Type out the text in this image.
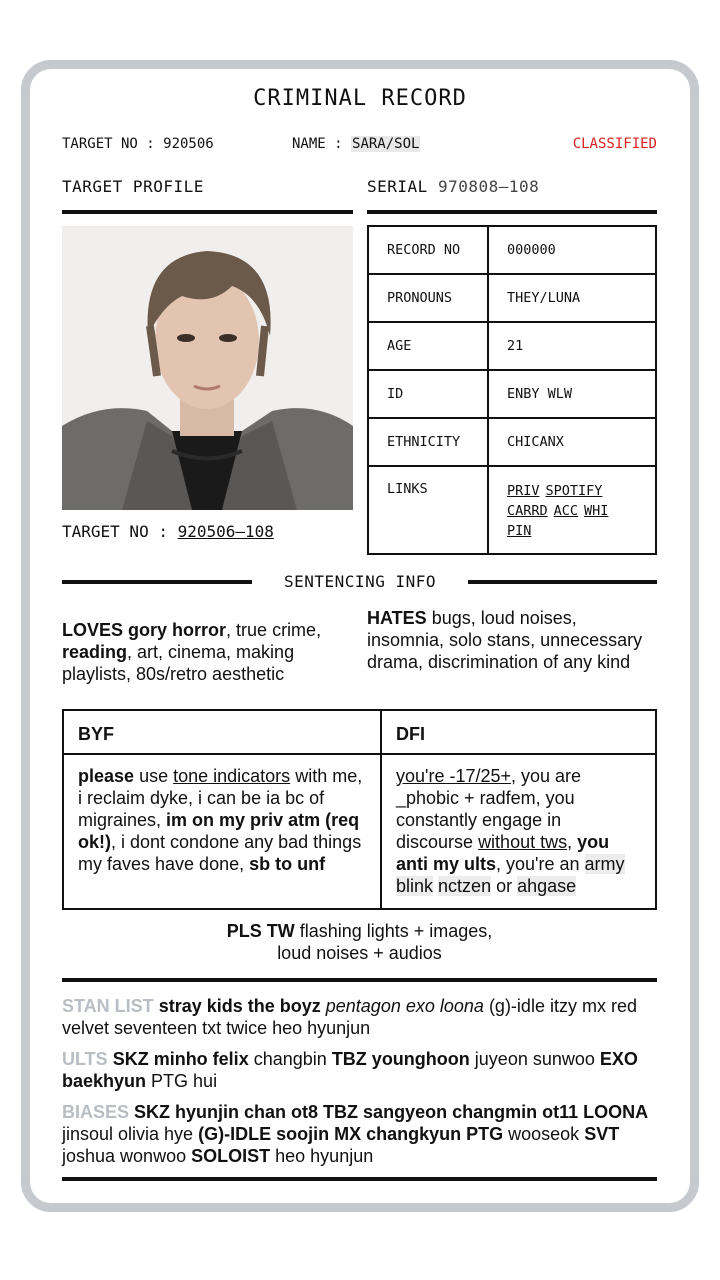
CRIMINAL RECORD
TARGET NO : 920506	NAME : SARA/SOL	CLASSIFIED
TARGET PROFILE	SERIAL 970808–108
TARGET NO : 920506–108
RECORD NO	000000
PRONOUNS	THEY/LUNA
AGE	21
ID	ENBY WLW
ETHNICITY	CHICANX
LINKS	PRIV SPOTIFY
CARRD ACC WHI
PIN
SENTENCING INFO
LOVES gory horror, true crime, reading, art, cinema, making playlists, 80s/retro aesthetic
HATES bugs, loud noises, insomnia, solo stans, unnecessary drama, discrimination of any kind
BYF	DFI
please use tone indicators with me, i reclaim dyke, i can be ia bc of migraines, im on my priv atm (req ok!), i dont condone any bad things my faves have done, sb to unf	you're -17/25+, you are _phobic + radfem, you constantly engage in discourse without tws, you anti my ults, you're an army blink nctzen or ahgase
PLS TW flashing lights + images,
loud noises + audios
STAN LIST stray kids the boyz pentagon exo loona (g)-idle itzy mx red velvet seventeen txt twice heo hyunjun
ULTS SKZ minho felix changbin TBZ younghoon juyeon sunwoo EXO baekhyun PTG hui
BIASES SKZ hyunjin chan ot8 TBZ sangyeon changmin ot11 LOONA jinsoul olivia hye (G)-IDLE soojin MX changkyun PTG wooseok SVT joshua wonwoo SOLOIST heo hyunjun
